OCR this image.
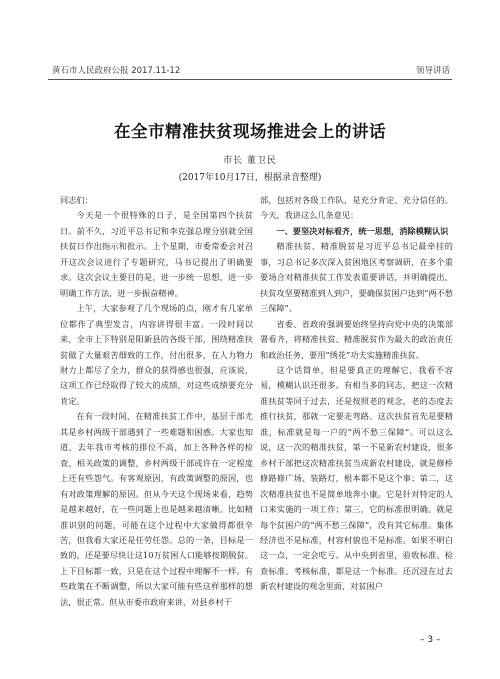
黄石市人民政府公报 2017.11-12	领导讲话
在全市精准扶贫现场推进会上的讲话
市长 董卫民
(2017年10月17日，根据录音整理)

同志们：

今天是一个很特殊的日子，是全国第四个扶贫日。前不久，习近平总书记和李克强总理分别就全国扶贫日作出指示和批示。上个星期，市委常委会对召开这次会议进行了专题研究，马书记提出了明确要求。这次会议主要目的是，进一步统一思想，进一步明确工作方法，进一步振奋精神。

上午，大家参观了几个现场的点，刚才有几家单位都作了典型发言，内容讲得很丰富。一段时间以来，全市上下特别是阳新县的各级干部，围绕精准扶贫做了大量艰苦细致的工作，付出很多，在人力物力财力上都尽了全力，群众的获得感也很强，应该说，这项工作已经取得了较大的成绩，对这些成绩要充分肯定。

在有一段时间，在精准扶贫工作中，基层干部尤其是乡村两级干部遇到了一些难题和困惑。大家也知道，去年我市考核的排位不高，加上各种各样的检查、相关政策的调整，乡村两级干部或许在一定程度上还有些怨气。有客观原因，有政策调整的原因，也有对政策理解的原因。但从今天这个现场来看，趋势是越来越好，在一些问题上也是越来越清晰。比如精准识别的问题，可能在这个过程中大家做得都很辛苦，但我看大家还是任劳任怨。总的一条，目标是一致的，还是要尽快让这10万贫困人口能够按期脱贫。上下目标都一致，只是在这个过程中理解不一样。有些政策在不断调整，所以大家可能有些这样那样的想法，很正常。但从市委市政府来讲，对县乡村干

部，包括对各级工作队，是充分肯定、充分信任的。今天，我讲这么几条意见：

一、要坚决对标看齐，统一思想，消除模糊认识

精准扶贫、精准脱贫是习近平总书记最牵挂的事，习总书记多次深入贫困地区考察调研，在多个重要场合对精准扶贫工作发表重要讲话，并明确提出，扶贫攻坚要精准到人到户，要确保贫困户达到“两不愁三保障”。

省委、省政府强调要始终坚持向党中央的决策部署看齐，将精准扶贫、精准脱贫作为最大的政治责任和政治任务，要用“绣花”功夫实施精准扶贫。

这个话简单，但是要真正的理解它，我看不容易，模糊认识还很多。有相当多的同志，把这一次精准扶贫等同于过去，还是按照老的观念，老的态度去推行扶贫，那就一定要走弯路。这次扶贫首先是要精准，标准就是每一户的“两不愁三保障”。可以这么说，这一次的精准扶贫，第一不是新农村建设，很多乡村干部把这次精准扶贫当成新农村建设，就是修桥修路修广场、装路灯，根本都不是这个事；第二，这次精准扶贫也不是简单地奔小康。它是针对特定的人口来实施的一项工作；第三，它的标准很明确。就是每个贫困户的“两不愁三保障”，没有其它标准。集体经济也不是标准，村容村貌也不是标准。如果不明白这一点，一定会吃亏。从中央到省里，验收标准、检查标准、考核标准，都是这一个标准。还沉浸在过去新农村建设的观念里面，对贫困户

– 3 –
